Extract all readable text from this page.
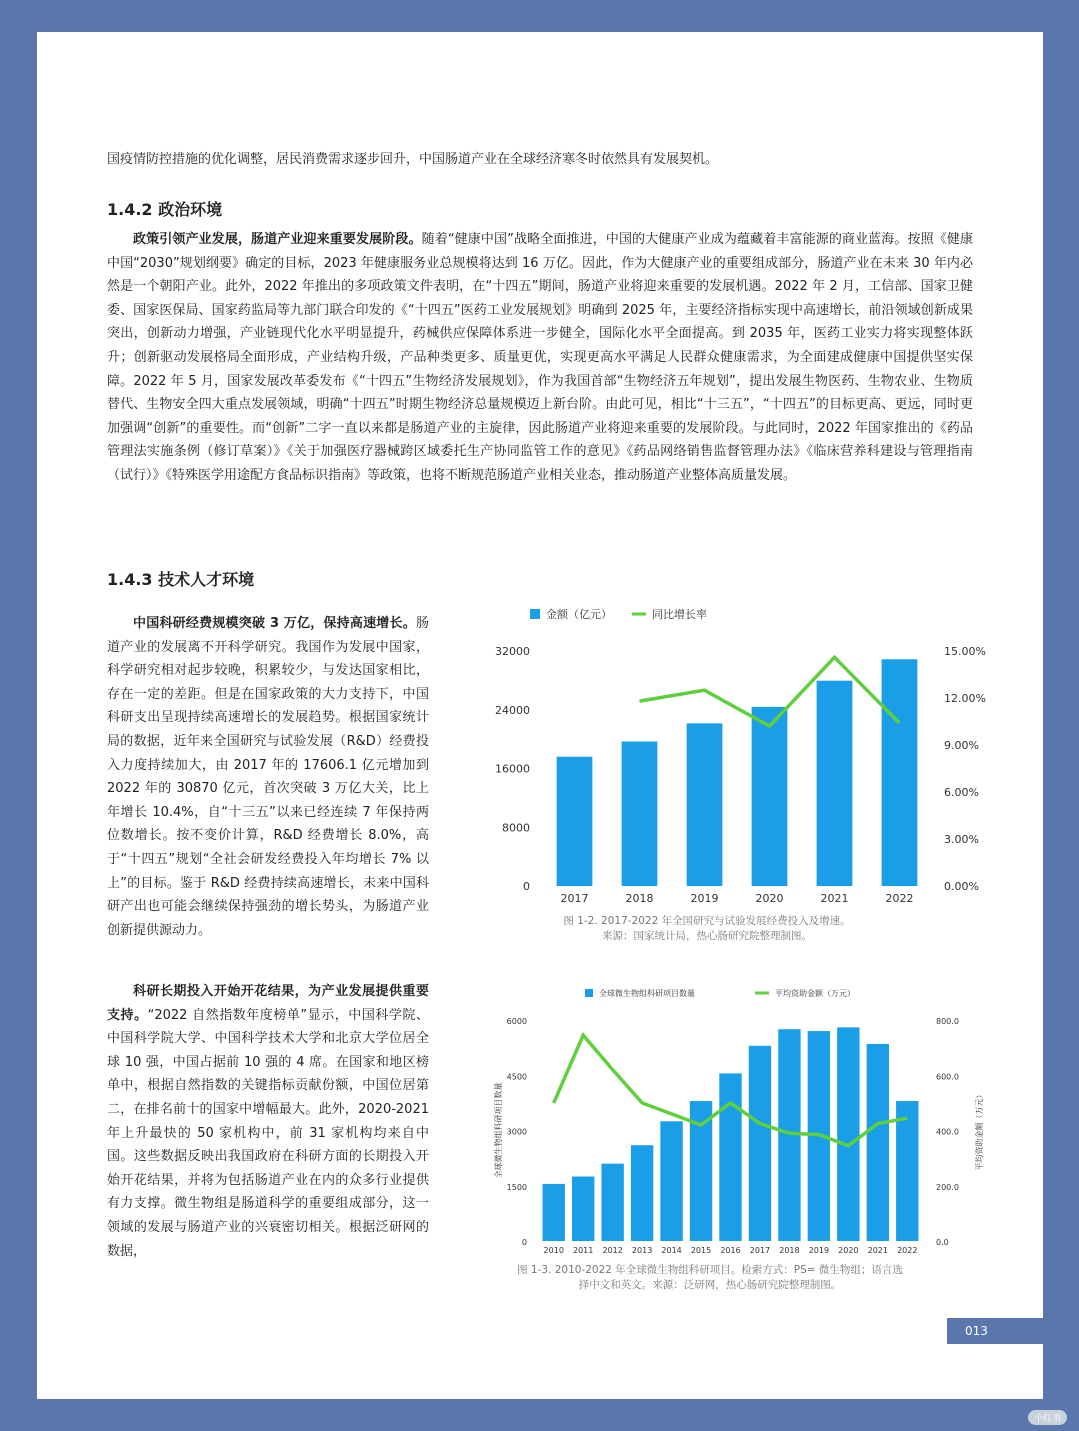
国疫情防控措施的优化调整，居民消费需求逐步回升，中国肠道产业在全球经济寒冬时依然具有发展契机。

1.4.2 政治环境

政策引领产业发展，肠道产业迎来重要发展阶段。随着“健康中国”战略全面推进，中国的大健康产业成为蕴藏着丰富能源的商业蓝海。按照《健康中国“2030”规划纲要》确定的目标，2023 年健康服务业总规模将达到 16 万亿。因此，作为大健康产业的重要组成部分，肠道产业在未来 30 年内必然是一个朝阳产业。此外，2022 年推出的多项政策文件表明，在“十四五”期间，肠道产业将迎来重要的发展机遇。2022 年 2 月，工信部、国家卫健委、国家医保局、国家药监局等九部门联合印发的《“十四五”医药工业发展规划》明确到 2025 年，主要经济指标实现中高速增长，前沿领域创新成果突出，创新动力增强，产业链现代化水平明显提升，药械供应保障体系进一步健全，国际化水平全面提高。到 2035 年，医药工业实力将实现整体跃升；创新驱动发展格局全面形成，产业结构升级，产品种类更多、质量更优，实现更高水平满足人民群众健康需求，为全面建成健康中国提供坚实保障。2022 年 5 月，国家发展改革委发布《“十四五”生物经济发展规划》，作为我国首部“生物经济五年规划”，提出发展生物医药、生物农业、生物质替代、生物安全四大重点发展领域，明确“十四五”时期生物经济总量规模迈上新台阶。由此可见，相比“十三五”，“十四五”的目标更高、更远，同时更加强调“创新”的重要性。而“创新”二字一直以来都是肠道产业的主旋律，因此肠道产业将迎来重要的发展阶段。与此同时，2022 年国家推出的《药品管理法实施条例（修订草案）》《关于加强医疗器械跨区域委托生产协同监管工作的意见》《药品网络销售监督管理办法》《临床营养科建设与管理指南（试行）》《特殊医学用途配方食品标识指南》等政策，也将不断规范肠道产业相关业态，推动肠道产业整体高质量发展。

1.4.3 技术人才环境

中国科研经费规模突破 3 万亿，保持高速增长。肠道产业的发展离不开科学研究。我国作为发展中国家，科学研究相对起步较晚，积累较少，与发达国家相比，存在一定的差距。但是在国家政策的大力支持下，中国科研支出呈现持续高速增长的发展趋势。根据国家统计局的数据，近年来全国研究与试验发展（R&D）经费投入力度持续加大，由 2017 年的 17606.1 亿元增加到 2022 年的 30870 亿元，首次突破 3 万亿大关，比上年增长 10.4%，自“十三五”以来已经连续 7 年保持两位数增长。按不变价计算，R&D 经费增长 8.0%，高于“十四五”规划“全社会研发经费投入年均增长 7% 以上”的目标。鉴于 R&D 经费持续高速增长，未来中国科研产出也可能会继续保持强劲的增长势头，为肠道产业创新提供源动力。

科研长期投入开始开花结果，为产业发展提供重要支持。“2022 自然指数年度榜单”显示，中国科学院、中国科学院大学、中国科学技术大学和北京大学位居全球 10 强，中国占据前 10 强的 4 席。在国家和地区榜单中，根据自然指数的关键指标贡献份额，中国位居第二，在排名前十的国家中增幅最大。此外，2020-2021 年上升最快的 50 家机构中，前 31 家机构均来自中国。这些数据反映出我国政府在科研方面的长期投入开始开花结果，并将为包括肠道产业在内的众多行业提供有力支撑。微生物组是肠道科学的重要组成部分，这一领域的发展与肠道产业的兴衰密切相关。根据泛研网的数据，

金额（亿元）	同比增长率
0
8000
16000
24000
32000
0.00%
3.00%
6.00%
9.00%
12.00%
15.00%
2017	2018	2019	2020	2021	2022
图 1-2. 2017-2022 年全国研究与试验发展经费投入及增速。
来源：国家统计局，热心肠研究院整理制图。
全球微生物组科研项目数量	平均资助金额（万元）
0
1500
3000
4500
6000
0.0
200.0
400.0
600.0
800.0
全球微生物组科研项目数量	平均资助金额（万元）
2010 2011 2012 2013 2014 2015 2016 2017 2018 2019 2020 2021 2022
图 1-3. 2010-2022 年全球微生物组科研项目。检索方式：PS= 微生物组；语言选
择中文和英文。来源：泛研网，热心肠研究院整理制图。
013
小红书
